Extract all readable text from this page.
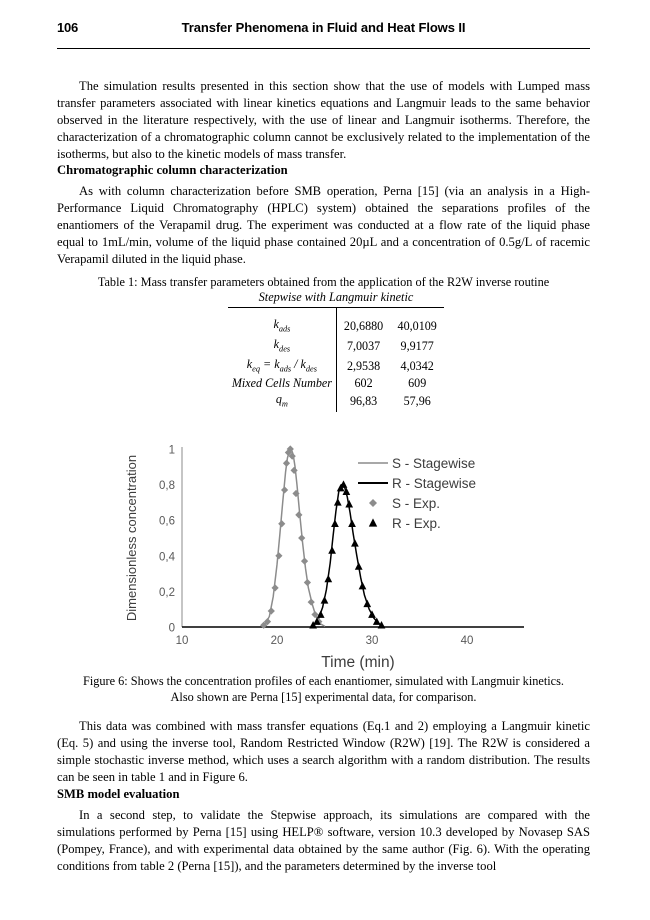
Transfer Phenomena in Fluid and Heat Flows II
106
The simulation results presented in this section show that the use of models with Lumped mass transfer parameters associated with linear kinetics equations and Langmuir leads to the same behavior observed in the literature respectively, with the use of linear and Langmuir isotherms. Therefore, the characterization of a chromatographic column cannot be exclusively related to the implementation of the isotherms, but also to the kinetic models of mass transfer.
Chromatographic column characterization
As with column characterization before SMB operation, Perna [15] (via an analysis in a High-Performance Liquid Chromatography (HPLC) system) obtained the separations profiles of the enantiomers of the Verapamil drug. The experiment was conducted at a flow rate of the liquid phase equal to 1mL/min, volume of the liquid phase contained 20µL and a concentration of 0.5g/L of racemic Verapamil diluted in the liquid phase.
Table 1: Mass transfer parameters obtained from the application of the R2W inverse routine
Stepwise with Langmuir kinetic

$k_{ads}$	20,6880	40,0109
$k_{des}$	7,0037	9,9177
$k_{eq} = k_{ads} / k_{des}$	2,9538	4,0342
Mixed Cells Number	602	609
$q_m$	96,83	57,96
0
0,2
0,4
0,6
0,8
1
10	20	30	40
Time (min)
Dimensionless concentration	S - Stagewise
R - Stagewise
S - Exp.
R - Exp.
Figure 6: Shows the concentration profiles of each enantiomer, simulated with Langmuir kinetics.
Also shown are Perna [15] experimental data, for comparison.
This data was combined with mass transfer equations (Eq.1 and 2) employing a Langmuir kinetic (Eq. 5) and using the inverse tool, Random Restricted Window (R2W) [19]. The R2W is considered a simple stochastic inverse method, which uses a search algorithm with a random distribution. The results can be seen in table 1 and in Figure 6.
SMB model evaluation
In a second step, to validate the Stepwise approach, its simulations are compared with the simulations performed by Perna [15] using HELP® software, version 10.3 developed by Novasep SAS (Pompey, France), and with experimental data obtained by the same author (Fig. 6). With the operating conditions from table 2 (Perna [15]), and the parameters determined by the inverse tool
